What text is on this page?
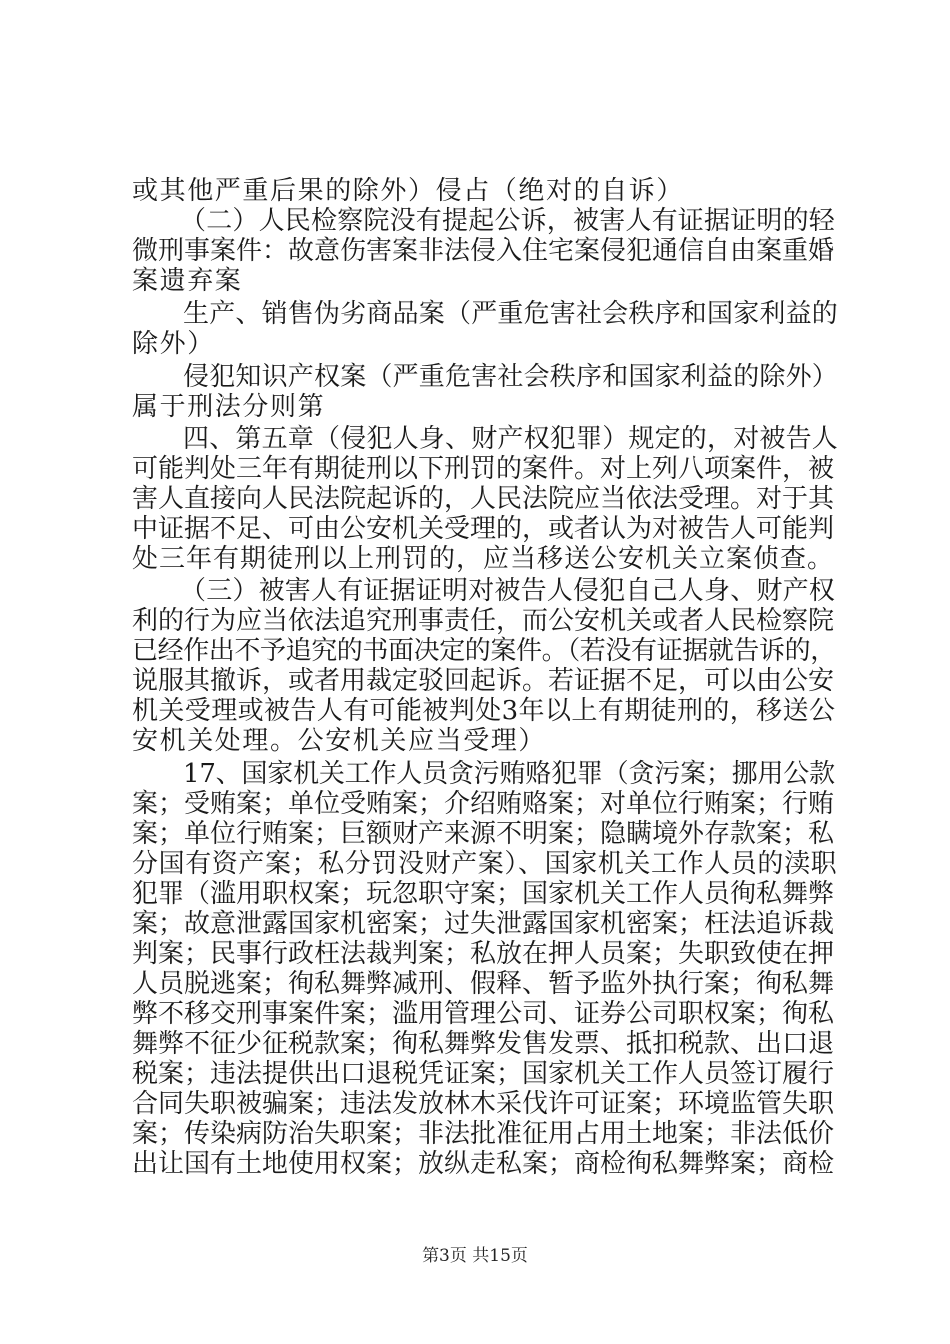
或其他严重后果的除外）侵占（绝对的自诉）
（二）人民检察院没有提起公诉，被害人有证据证明的轻
微刑事案件：故意伤害案非法侵入住宅案侵犯通信自由案重婚
案遗弃案
生产、销售伪劣商品案（严重危害社会秩序和国家利益的
除外）
侵犯知识产权案（严重危害社会秩序和国家利益的除外）
属于刑法分则第
四、第五章（侵犯人身、财产权犯罪）规定的，对被告人
可能判处三年有期徒刑以下刑罚的案件。对上列八项案件，被
害人直接向人民法院起诉的，人民法院应当依法受理。对于其
中证据不足、可由公安机关受理的，或者认为对被告人可能判
处三年有期徒刑以上刑罚的，应当移送公安机关立案侦查。
（三）被害人有证据证明对被告人侵犯自己人身、财产权
利的行为应当依法追究刑事责任，而公安机关或者人民检察院
已经作出不予追究的书面决定的案件。（若没有证据就告诉的，
说服其撤诉，或者用裁定驳回起诉。若证据不足，可以由公安
机关受理或被告人有可能被判处3年以上有期徒刑的，移送公
安机关处理。公安机关应当受理）
17、国家机关工作人员贪污贿赂犯罪（贪污案；挪用公款
案；受贿案；单位受贿案；介绍贿赂案；对单位行贿案；行贿
案；单位行贿案；巨额财产来源不明案；隐瞒境外存款案；私
分国有资产案；私分罚没财产案）、国家机关工作人员的渎职
犯罪（滥用职权案；玩忽职守案；国家机关工作人员徇私舞弊
案；故意泄露国家机密案；过失泄露国家机密案；枉法追诉裁
判案；民事行政枉法裁判案；私放在押人员案；失职致使在押
人员脱逃案；徇私舞弊减刑、假释、暂予监外执行案；徇私舞
弊不移交刑事案件案；滥用管理公司、证券公司职权案；徇私
舞弊不征少征税款案；徇私舞弊发售发票、抵扣税款、出口退
税案；违法提供出口退税凭证案；国家机关工作人员签订履行
合同失职被骗案；违法发放林木采伐许可证案；环境监管失职
案；传染病防治失职案；非法批准征用占用土地案；非法低价
出让国有土地使用权案；放纵走私案；商检徇私舞弊案；商检
第3页 共15页
